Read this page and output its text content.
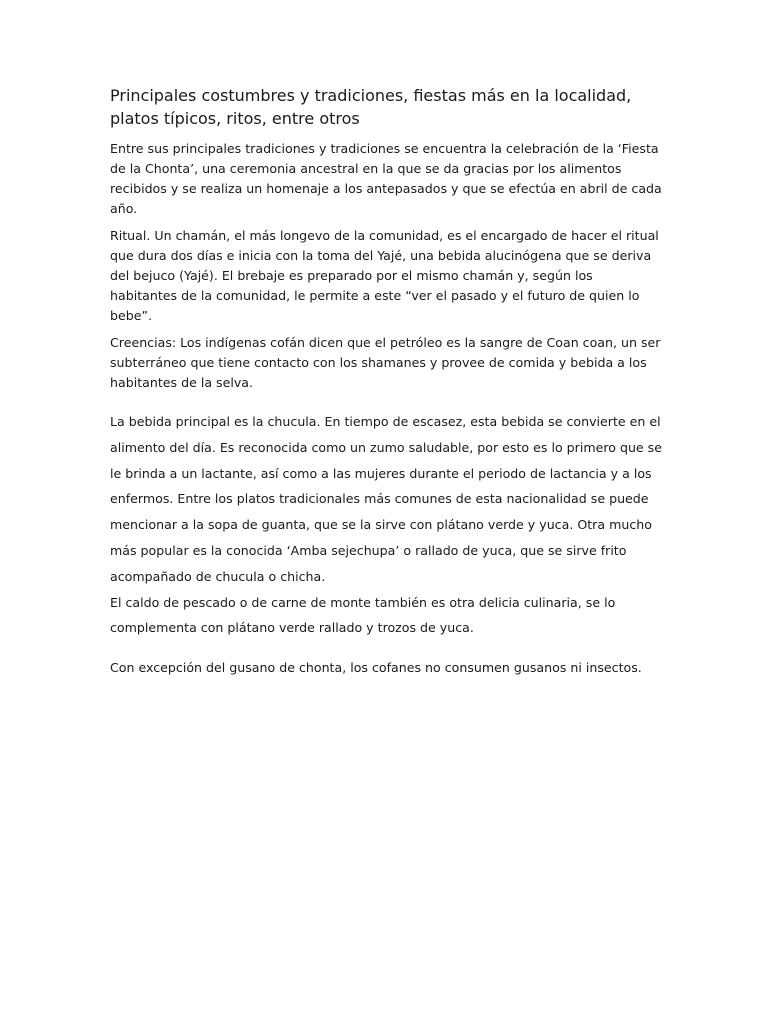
Principales costumbres y tradiciones, fiestas más en la localidad, platos típicos, ritos, entre otros

Entre sus principales tradiciones y tradiciones se encuentra la celebración de la ‘Fiesta de la Chonta’, una ceremonia ancestral en la que se da gracias por los alimentos recibidos y se realiza un homenaje a los antepasados y que se efectúa en abril de cada año.

Ritual. Un chamán, el más longevo de la comunidad, es el encargado de hacer el ritual que dura dos días e inicia con la toma del Yajé, una bebida alucinógena que se deriva del bejuco (Yajé). El brebaje es preparado por el mismo chamán y, según los habitantes de la comunidad, le permite a este “ver el pasado y el futuro de quien lo bebe”.

Creencias: Los indígenas cofán dicen que el petróleo es la sangre de Coan coan, un ser subterráneo que tiene contacto con los shamanes y provee de comida y bebida a los habitantes de la selva.

La bebida principal es la chucula. En tiempo de escasez, esta bebida se convierte en el alimento del día. Es reconocida como un zumo saludable, por esto es lo primero que se le brinda a un lactante, así como a las mujeres durante el periodo de lactancia y a los enfermos. Entre los platos tradicionales más comunes de esta nacionalidad se puede mencionar a la sopa de guanta, que se la sirve con plátano verde y yuca. Otra mucho más popular es la conocida ‘Amba sejechupa’ o rallado de yuca, que se sirve frito acompañado de chucula o chicha.

El caldo de pescado o de carne de monte también es otra delicia culinaria, se lo complementa con plátano verde rallado y trozos de yuca.

Con excepción del gusano de chonta, los cofanes no consumen gusanos ni insectos.
